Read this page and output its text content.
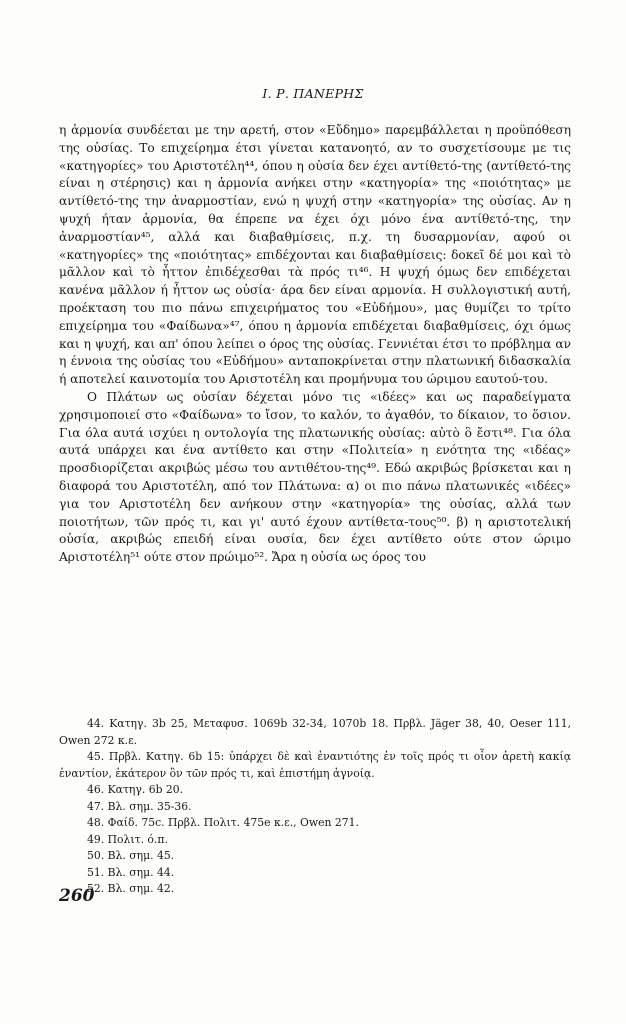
Ι. Ρ. ΠΑΝΕΡΗΣ

η ἁρμονία συνδέεται με την αρετή, στον «Εὔδημο» παρεμβάλλεται η προϋπόθεση της οὐσίας. Το επιχείρημα έτσι γίνεται κατανοητό, αν το συσχετίσουμε με τις «κατηγορίες» του Αριστοτέλη⁴⁴, όπου η οὐσία δεν έχει αντίθετό-της (αντίθετό-της είναι η στέρησις) και η ἁρμονία ανήκει στην «κατηγορία» της «ποιότητας» με αντίθετό-της την ἀναρμοστίαν, ενώ η ψυχή στην «κατηγορία» της οὐσίας. Αν η ψυχή ήταν ἁρμονία, θα έπρεπε να έχει όχι μόνο ένα αντίθετό-της, την ἀναρμοστίαν⁴⁵, αλλά και διαβαθμίσεις, π.χ. τη δυσαρμονίαν, αφού οι «κατηγορίες» της «ποιότητας» επιδέχονται και διαβαθμίσεις: δοκεῖ δέ μοι καὶ τὸ μᾶλλον καὶ τὸ ἧττον ἐπιδέχεσθαι τὰ πρός τι⁴⁶. Η ψυχή όμως δεν επιδέχεται κανένα μᾶλλον ή ἧττον ως οὐσία· άρα δεν είναι αρμονία. Η συλλογιστική αυτή, προέκταση του πιο πάνω επιχειρήματος του «Εὐδήμου», μας θυμίζει το τρίτο επιχείρημα του «Φαίδωνα»⁴⁷, όπου η ἁρμονία επιδέχεται διαβαθμίσεις, όχι όμως και η ψυχή, και απ' όπου λείπει ο όρος της οὐσίας. Γεννιέται έτσι το πρόβλημα αν η έννοια της οὐσίας του «Εὐδήμου» ανταποκρίνεται στην πλατωνική διδασκαλία ή αποτελεί καινοτομία του Αριστοτέλη και προμήνυμα του ώριμου εαυτού-του.

Ο Πλάτων ως οὐσίαν δέχεται μόνο τις «ιδέες» και ως παραδείγματα χρησιμοποιεί στο «Φαίδωνα» το ἴσον, το καλόν, το ἀγαθόν, το δίκαιον, το ὅσιον. Για όλα αυτά ισχύει η οντολογία της πλατωνικής οὐσίας: αὐτὸ ὃ ἔστι⁴⁸. Για όλα αυτά υπάρχει και ένα αντίθετο και στην «Πολιτεία» η ενότητα της «ιδέας» προσδιορίζεται ακριβώς μέσω του αντιθέτου-της⁴⁹. Εδώ ακριβώς βρίσκεται και η διαφορά του Αριστοτέλη, από τον Πλάτωνα: α) οι πιο πάνω πλατωνικές «ιδέες» για τον Αριστοτέλη δεν ανήκουν στην «κατηγορία» της οὐσίας, αλλά των ποιοτήτων, τῶν πρός τι, και γι' αυτό έχουν αντίθετα-τους⁵⁰. β) η αριστοτελική οὐσία, ακριβώς επειδή είναι ουσία, δεν έχει αντίθετο ούτε στον ώριμο Αριστοτέλη⁵¹ ούτε στον πρώιμο⁵². Ἄρα η οὐσία ως όρος του

44. Κατηγ. 3b 25, Μεταφυσ. 1069b 32-34, 1070b 18. Πρβλ. Jäger 38, 40, Oeser 111, Owen 272 κ.ε.

45. Πρβλ. Κατηγ. 6b 15: ὑπάρχει δὲ καὶ ἐναντιότης ἐν τοῖς πρός τι οἷον ἀρετὴ κακίᾳ ἐναντίον, ἑκάτερον ὂν τῶν πρός τι, καὶ ἐπιστήμη ἀγνοίᾳ.

46. Κατηγ. 6b 20.

47. Βλ. σημ. 35-36.

48. Φαίδ. 75c. Πρβλ. Πολιτ. 475e κ.ε., Owen 271.

49. Πολιτ. ό.π.

50. Βλ. σημ. 45.

51. Βλ. σημ. 44.

52. Βλ. σημ. 42.

260
